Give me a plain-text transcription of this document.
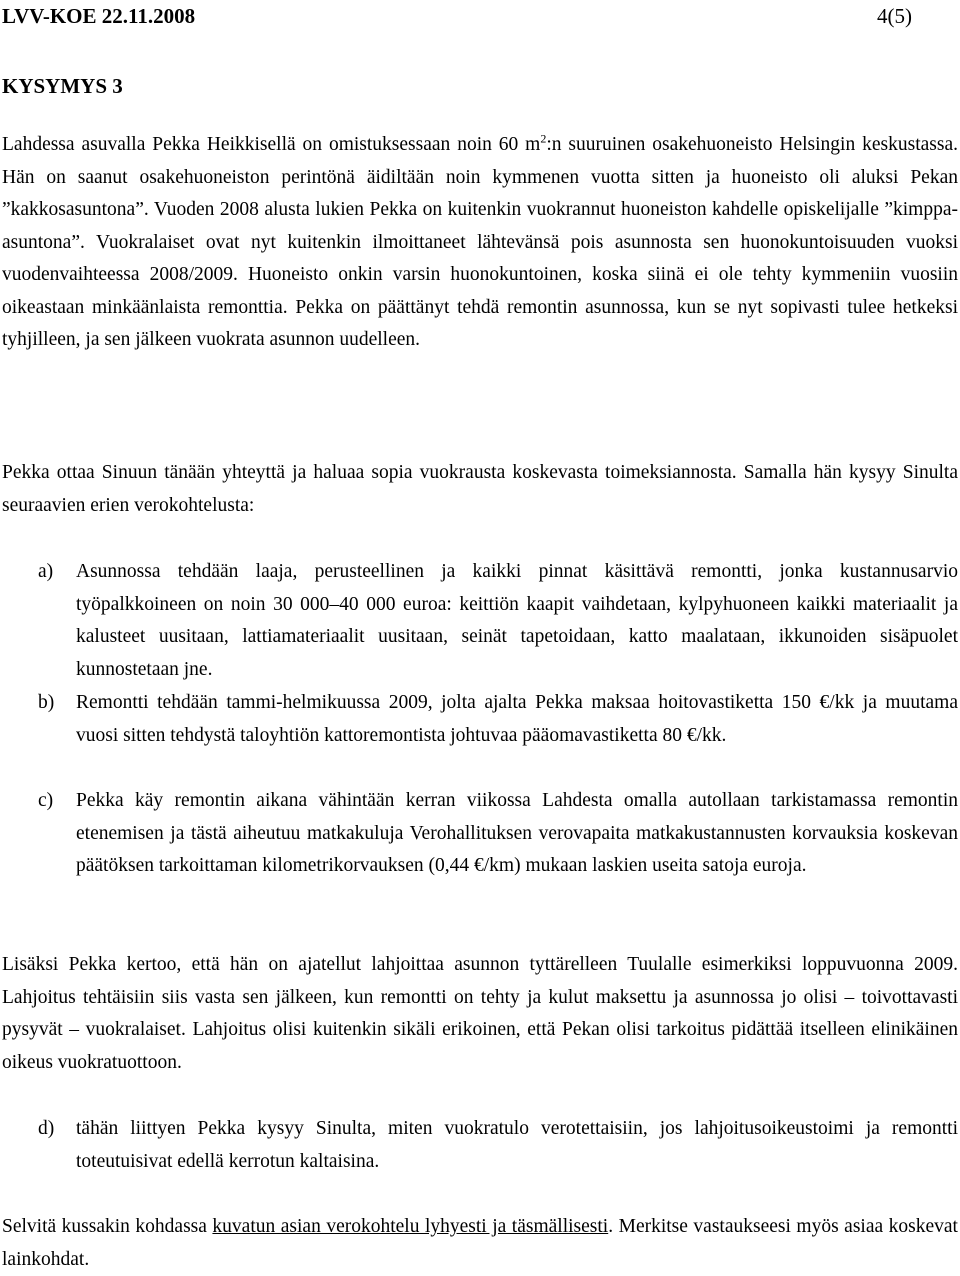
LVV-KOE 22.11.2008	4(5)
KYSYMYS 3
Lahdessa asuvalla Pekka Heikkisellä on omistuksessaan noin 60 $m^2:n$ suuruinen osakehuoneisto Helsingin keskustassa. Hän on saanut osakehuoneiston perintönä äidiltään noin kymmenen vuotta sitten ja huoneisto oli aluksi Pekan ”kakkosasuntona”. Vuoden 2008 alusta lukien Pekka on kuitenkin vuokrannut huoneiston kahdelle opiskelijalle ”kimppa-asuntona”. Vuokralaiset ovat nyt kuitenkin ilmoittaneet lähtevänsä pois asunnosta sen huonokuntoisuuden vuoksi vuodenvaihteessa 2008/2009. Huoneisto onkin varsin huonokuntoinen, koska siinä ei ole tehty kymmeniin vuosiin oikeastaan minkäänlaista remonttia. Pekka on päättänyt tehdä remontin asunnossa, kun se nyt sopivasti tulee hetkeksi tyhjilleen, ja sen jälkeen vuokrata asunnon uudelleen.
Pekka ottaa Sinuun tänään yhteyttä ja haluaa sopia vuokrausta koskevasta toimeksiannosta. Samalla hän kysyy Sinulta seuraavien erien verokohtelusta:
a) Asunnossa tehdään laaja, perusteellinen ja kaikki pinnat käsittävä remontti, jonka kustannusarvio työpalkkoineen on noin 30 000–40 000 euroa: keittiön kaapit vaihdetaan, kylpyhuoneen kaikki materiaalit ja kalusteet uusitaan, lattiamateriaalit uusitaan, seinät tapetoidaan, katto maalataan, ikkunoiden sisäpuolet kunnostetaan jne.
b) Remontti tehdään tammi-helmikuussa 2009, jolta ajalta Pekka maksaa hoitovastiketta 150 €/kk ja muutama vuosi sitten tehdystä taloyhtiön kattoremontista johtuvaa pääomavastiketta 80 €/kk.
c) Pekka käy remontin aikana vähintään kerran viikossa Lahdesta omalla autollaan tarkistamassa remontin etenemisen ja tästä aiheutuu matkakuluja Verohallituksen verovapaita matkakustannusten korvauksia koskevan päätöksen tarkoittaman kilometrikorvauksen (0,44 €/km) mukaan laskien useita satoja euroja.
Lisäksi Pekka kertoo, että hän on ajatellut lahjoittaa asunnon tyttärelleen Tuulalle esimerkiksi loppuvuonna 2009. Lahjoitus tehtäisiin siis vasta sen jälkeen, kun remontti on tehty ja kulut maksettu ja asunnossa jo olisi – toivottavasti pysyvät – vuokralaiset. Lahjoitus olisi kuitenkin sikäli erikoinen, että Pekan olisi tarkoitus pidättää itselleen elinikäinen oikeus vuokratuottoon.
d) tähän liittyen Pekka kysyy Sinulta, miten vuokratulo verotettaisiin, jos lahjoitusoikeustoimi ja remontti toteutuisivat edellä kerrotun kaltaisina.
Selvitä kussakin kohdassa kuvatun asian verokohtelu lyhyesti ja täsmällisesti. Merkitse vastaukseesi myös asiaa koskevat lainkohdat.
